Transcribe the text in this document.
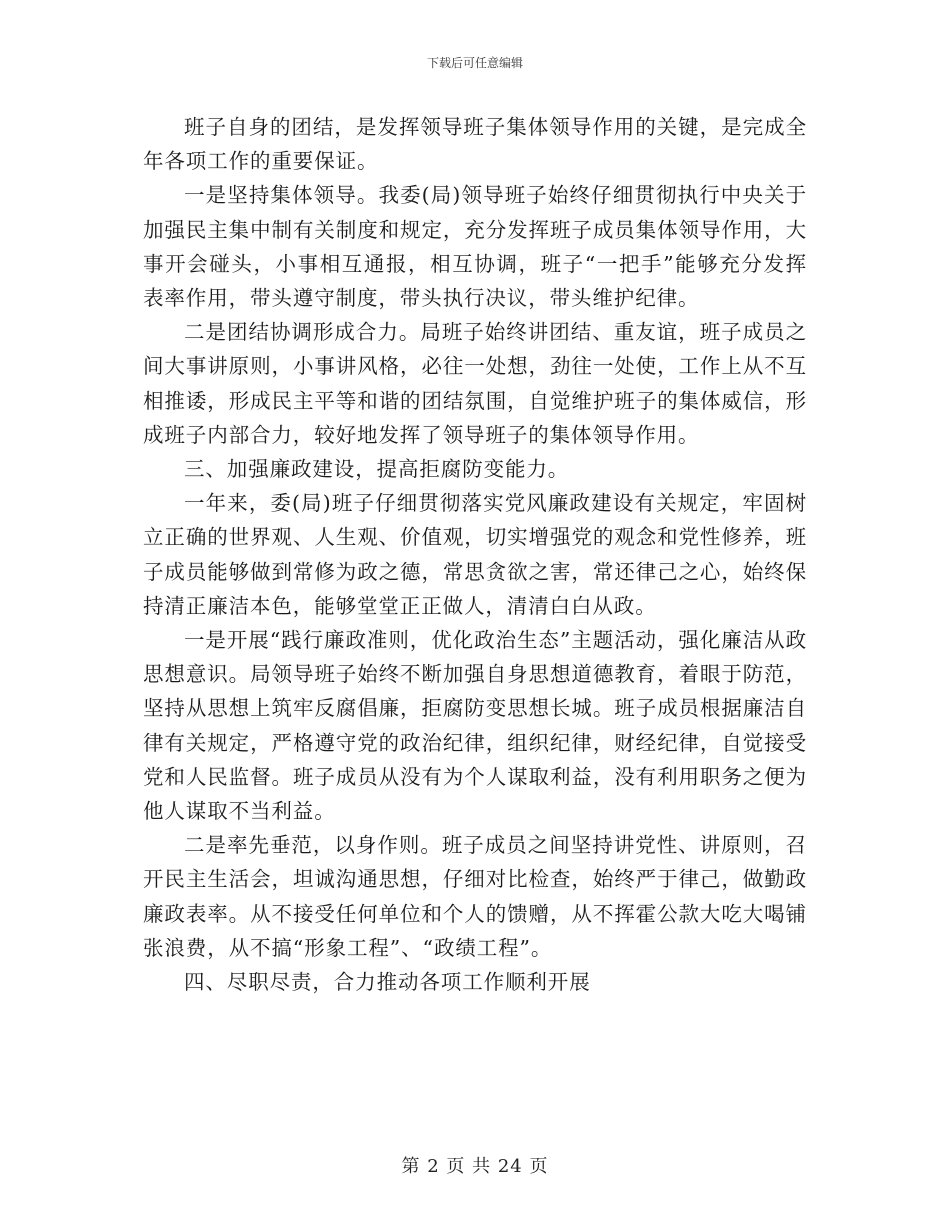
下载后可任意编辑

班子自身的团结，是发挥领导班子集体领导作用的关键，是完成全年各项工作的重要保证。

一是坚持集体领导。我委(局)领导班子始终仔细贯彻执行中央关于加强民主集中制有关制度和规定，充分发挥班子成员集体领导作用，大事开会碰头，小事相互通报，相互协调，班子“一把手”能够充分发挥表率作用，带头遵守制度，带头执行决议，带头维护纪律。

二是团结协调形成合力。局班子始终讲团结、重友谊，班子成员之间大事讲原则，小事讲风格，必往一处想，劲往一处使，工作上从不互相推诿，形成民主平等和谐的团结氛围，自觉维护班子的集体威信，形成班子内部合力，较好地发挥了领导班子的集体领导作用。

三、加强廉政建设，提高拒腐防变能力。

一年来，委(局)班子仔细贯彻落实党风廉政建设有关规定，牢固树立正确的世界观、人生观、价值观，切实增强党的观念和党性修养，班子成员能够做到常修为政之德，常思贪欲之害，常还律己之心，始终保持清正廉洁本色，能够堂堂正正做人，清清白白从政。

一是开展“践行廉政准则，优化政治生态”主题活动，强化廉洁从政思想意识。局领导班子始终不断加强自身思想道德教育，着眼于防范，坚持从思想上筑牢反腐倡廉，拒腐防变思想长城。班子成员根据廉洁自律有关规定，严格遵守党的政治纪律，组织纪律，财经纪律，自觉接受党和人民监督。班子成员从没有为个人谋取利益，没有利用职务之便为他人谋取不当利益。

二是率先垂范，以身作则。班子成员之间坚持讲党性、讲原则，召开民主生活会，坦诚沟通思想，仔细对比检查，始终严于律己，做勤政廉政表率。从不接受任何单位和个人的馈赠，从不挥霍公款大吃大喝铺张浪费，从不搞“形象工程”、“政绩工程”。

四、尽职尽责，合力推动各项工作顺利开展

第 2 页 共 24 页
